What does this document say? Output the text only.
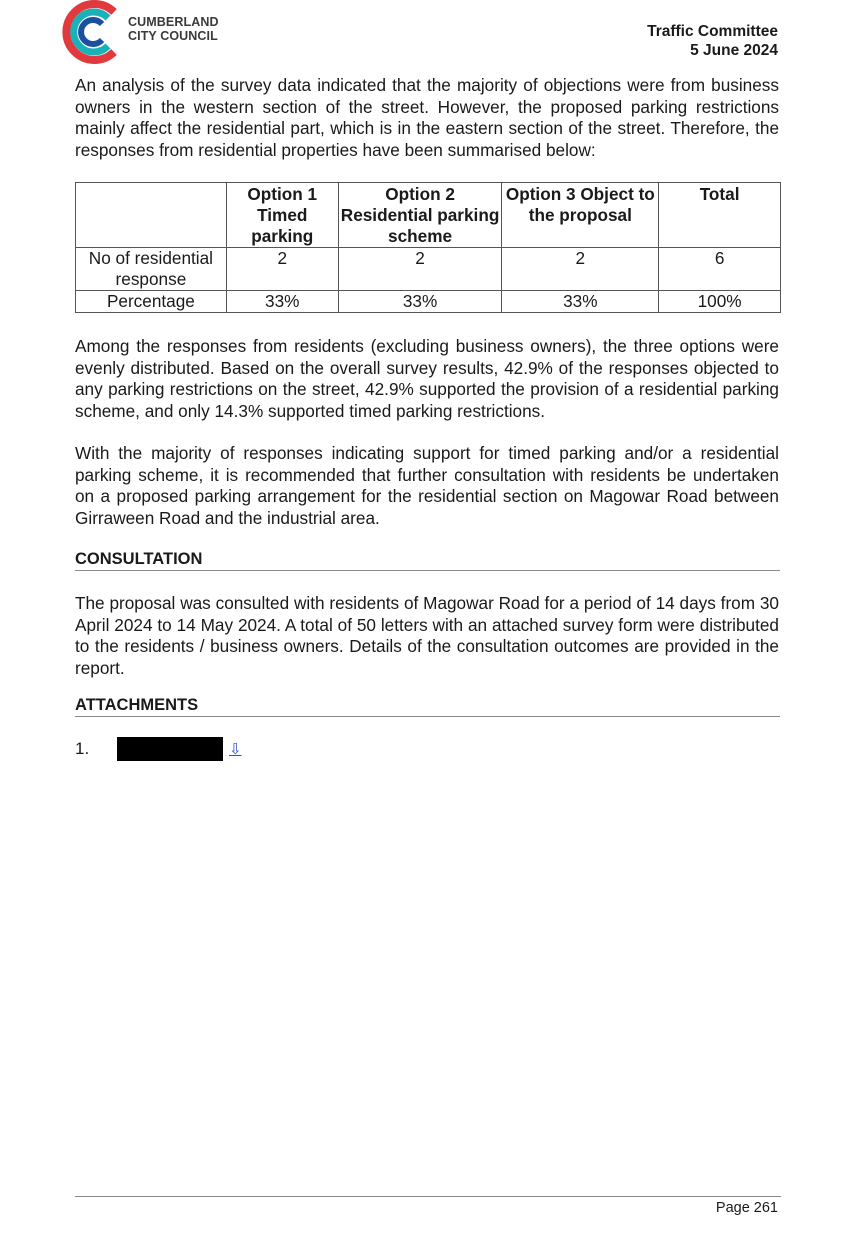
CUMBERLAND
CITY COUNCIL	Traffic Committee
5 June 2024

An analysis of the survey data indicated that the majority of objections were from business owners in the western section of the street. However, the proposed parking restrictions mainly affect the residential part, which is in the eastern section of the street. Therefore, the responses from residential properties have been summarised below:

	Option 1 Timed parking	Option 2 Residential parking scheme	Option 3 Object to the proposal	Total
No of residential response	2	2	2	6
Percentage	33%	33%	33%	100%

Among the responses from residents (excluding business owners), the three options were evenly distributed. Based on the overall survey results, 42.9% of the responses objected to any parking restrictions on the street, 42.9% supported the provision of a residential parking scheme, and only 14.3% supported timed parking restrictions.

With the majority of responses indicating support for timed parking and/or a residential parking scheme, it is recommended that further consultation with residents be undertaken on a proposed parking arrangement for the residential section on Magowar Road between Girraween Road and the industrial area.

CONSULTATION

The proposal was consulted with residents of Magowar Road for a period of 14 days from 30 April 2024 to 14 May 2024. A total of 50 letters with an attached survey form were distributed to the residents / business owners. Details of the consultation outcomes are provided in the report.

ATTACHMENTS
1.	⇩
Page 261
